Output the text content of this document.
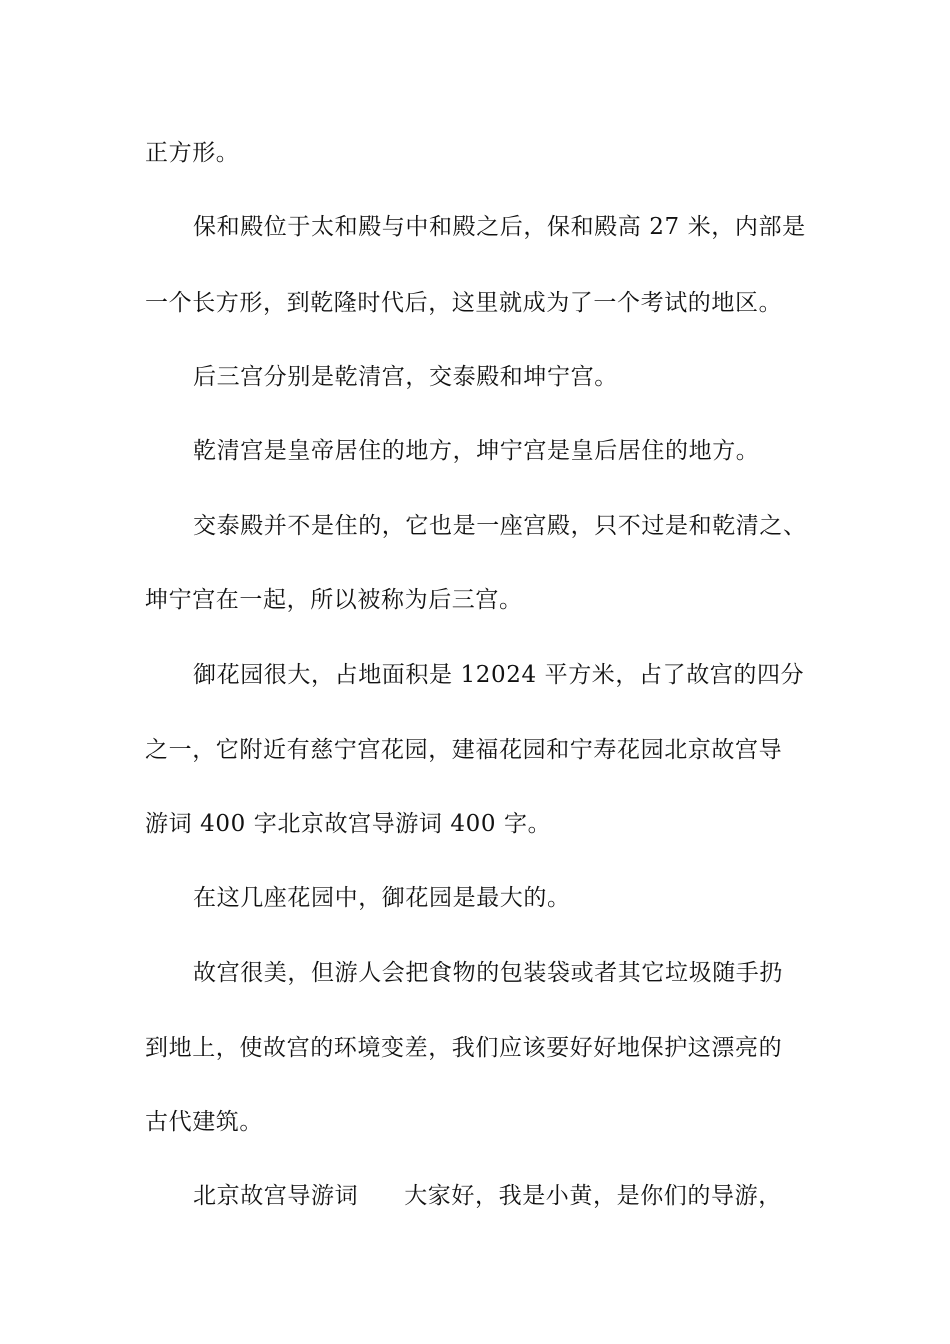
正方形。

保和殿位于太和殿与中和殿之后，保和殿高 27 米，内部是

一个长方形，到乾隆时代后，这里就成为了一个考试的地区。

后三宫分别是乾清宫，交泰殿和坤宁宫。

乾清宫是皇帝居住的地方，坤宁宫是皇后居住的地方。

交泰殿并不是住的，它也是一座宫殿，只不过是和乾清之、

坤宁宫在一起，所以被称为后三宫。

御花园很大，占地面积是 12024 平方米，占了故宫的四分

之一，它附近有慈宁宫花园，建福花园和宁寿花园北京故宫导

游词 400 字北京故宫导游词 400 字。

在这几座花园中，御花园是最大的。

故宫很美，但游人会把食物的包装袋或者其它垃圾随手扔

到地上，使故宫的环境变差，我们应该要好好地保护这漂亮的

古代建筑。

北京故宫导游词 大家好，我是小黄，是你们的导游，
